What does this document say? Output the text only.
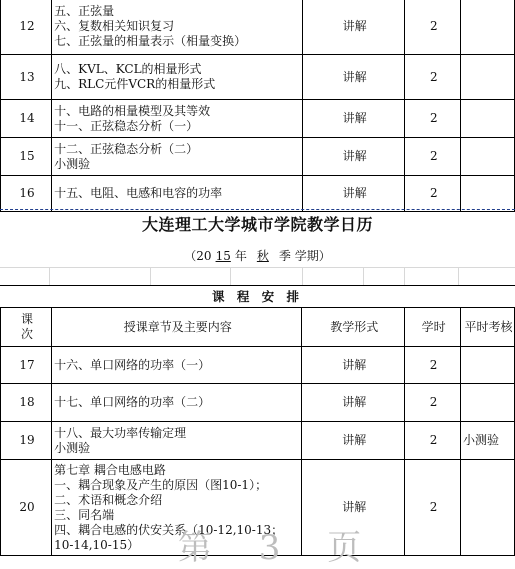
12	五、正弦量
六、复数相关知识复习
七、正弦量的相量表示（相量变换）	讲解	2	
13	八、KVL、KCL的相量形式
九、RLC元件VCR的相量形式	讲解	2	
14	十、电路的相量模型及其等效
十一、正弦稳态分析（一）	讲解	2	
15	十二、正弦稳态分析（二）
小测验	讲解	2	
16	十五、电阻、电感和电容的功率	讲解	2	
大连理工大学城市学院教学日历
（20 15 年 秋 季 学期）
课 程 安 排
课
次	授课章节及主要内容	教学形式	学时	平时考核
17	十六、单口网络的功率（一）	讲解	2	
18	十七、单口网络的功率（二）	讲解	2	
19	十八、最大功率传输定理
小测验	讲解	2	小测验
20	第七章 耦合电感电路
一、耦合现象及产生的原因（图10-1）；
二、术语和概念介绍
三、同名端
四、耦合电感的伏安关系（10-12,10-13；10-14,10-15）	讲解	2	
第 3 页
